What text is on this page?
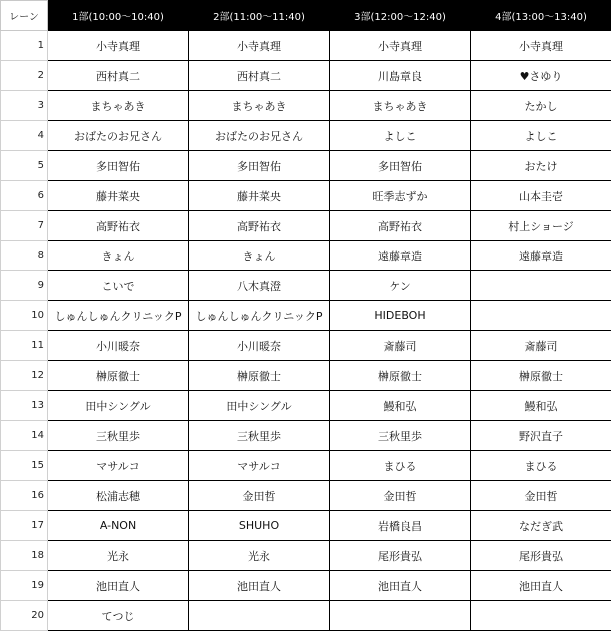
レーン	1部(10:00～10:40)	2部(11:00～11:40)	3部(12:00～12:40)	4部(13:00～13:40)
1	小寺真理	小寺真理	小寺真理	小寺真理
2	西村真二	西村真二	川島章良	♥さゆり
3	まちゃあき	まちゃあき	まちゃあき	たかし
4	おばたのお兄さん	おばたのお兄さん	よしこ	よしこ
5	多田智佑	多田智佑	多田智佑	おたけ
6	藤井菜央	藤井菜央	旺季志ずか	山本圭壱
7	高野祐衣	高野祐衣	高野祐衣	村上ショージ
8	きょん	きょん	遠藤章造	遠藤章造
9	こいで	八木真澄	ケン	
10	しゅんしゅんクリニックP	しゅんしゅんクリニックP	HIDEBOH	
11	小川暖奈	小川暖奈	斎藤司	斎藤司
12	榊原徹士	榊原徹士	榊原徹士	榊原徹士
13	田中シングル	田中シングル	鰻和弘	鰻和弘
14	三秋里歩	三秋里歩	三秋里歩	野沢直子
15	マサルコ	マサルコ	まひる	まひる
16	松浦志穂	金田哲	金田哲	金田哲
17	A-NON	SHUHO	岩橋良昌	なだぎ武
18	光永	光永	尾形貴弘	尾形貴弘
19	池田直人	池田直人	池田直人	池田直人
20	てつじ			
